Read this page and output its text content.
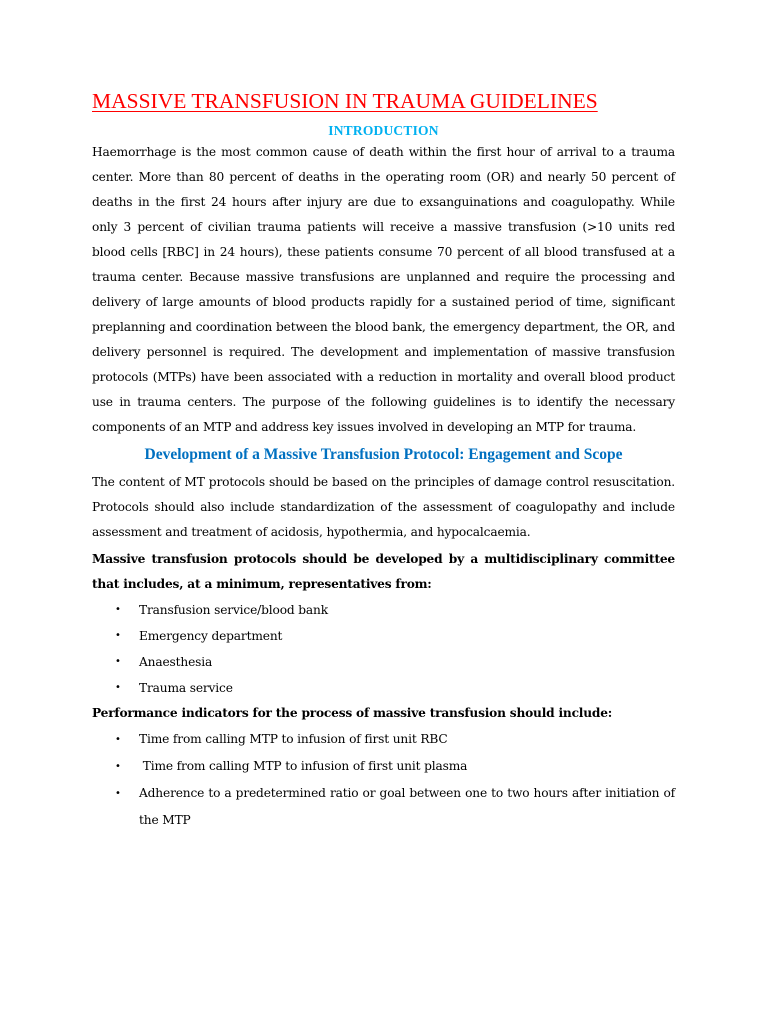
MASSIVE TRANSFUSION IN TRAUMA GUIDELINES
INTRODUCTION

Haemorrhage is the most common cause of death within the first hour of arrival to a trauma center. More than 80 percent of deaths in the operating room (OR) and nearly 50 percent of deaths in the first 24 hours after injury are due to exsanguinations and coagulopathy. While only 3 percent of civilian trauma patients will receive a massive transfusion (>10 units red blood cells [RBC] in 24 hours), these patients consume 70 percent of all blood transfused at a trauma center. Because massive transfusions are unplanned and require the processing and delivery of large amounts of blood products rapidly for a sustained period of time, significant preplanning and coordination between the blood bank, the emergency department, the OR, and delivery personnel is required. The development and implementation of massive transfusion protocols (MTPs) have been associated with a reduction in mortality and overall blood product use in trauma centers. The purpose of the following guidelines is to identify the necessary components of an MTP and address key issues involved in developing an MTP for trauma.

Development of a Massive Transfusion Protocol: Engagement and Scope

The content of MT protocols should be based on the principles of damage control resuscitation. Protocols should also include standardization of the assessment of coagulopathy and include assessment and treatment of acidosis, hypothermia, and hypocalcaemia.

Massive transfusion protocols should be developed by a multidisciplinary committee that includes, at a minimum, representatives from:

• Transfusion service/blood bank
• Emergency department
• Anaesthesia
• Trauma service

Performance indicators for the process of massive transfusion should include:

• Time from calling MTP to infusion of first unit RBC
• Time from calling MTP to infusion of first unit plasma
• Adherence to a predetermined ratio or goal between one to two hours after initiation of the MTP
